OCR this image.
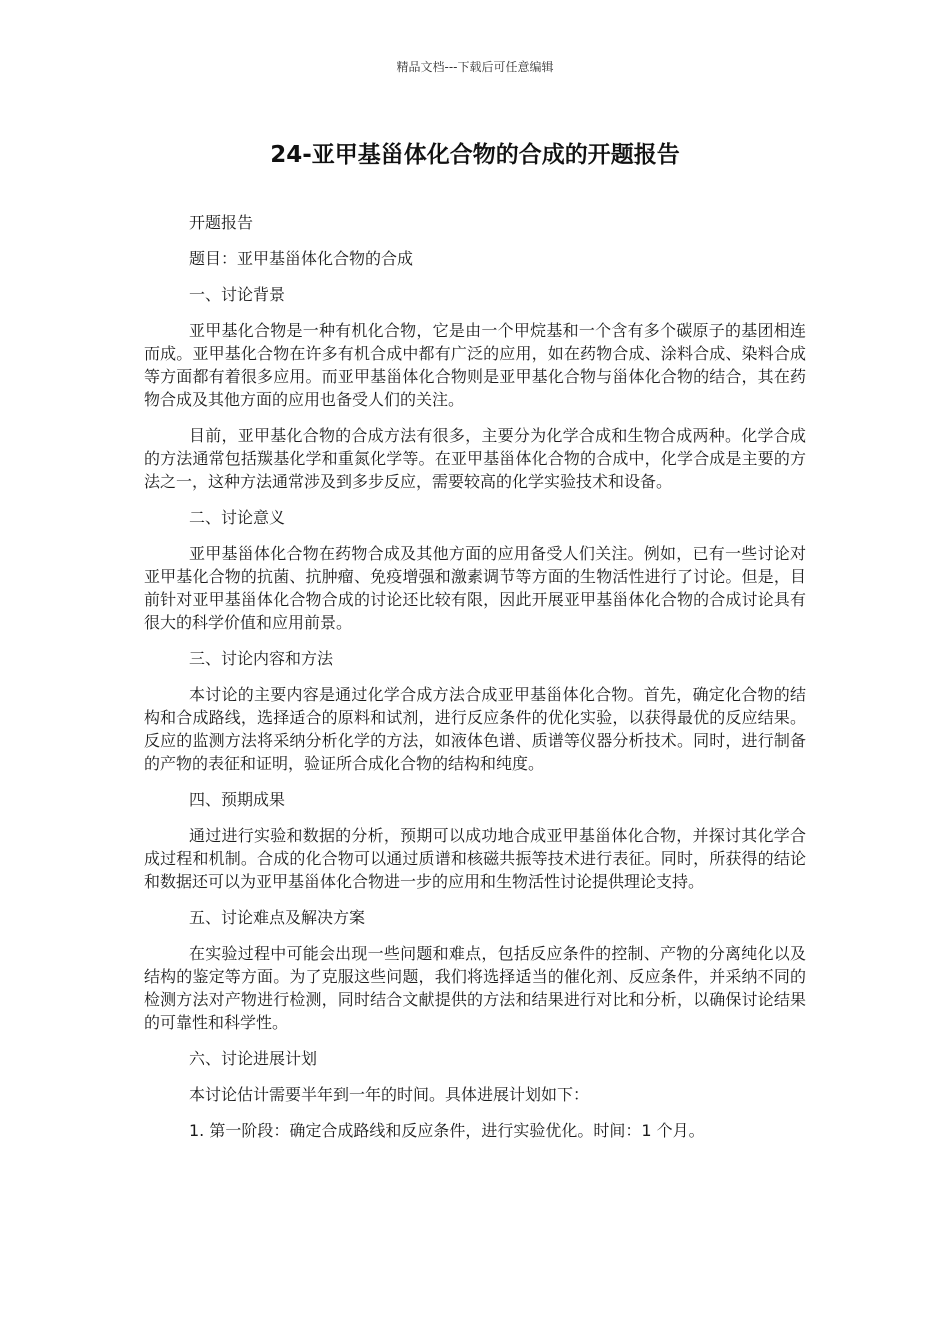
精品文档---下载后可任意编辑
24-亚甲基甾体化合物的合成的开题报告

开题报告

题目：亚甲基甾体化合物的合成

一、讨论背景

亚甲基化合物是一种有机化合物，它是由一个甲烷基和一个含有多个碳原子的基团相连而成。亚甲基化合物在许多有机合成中都有广泛的应用，如在药物合成、涂料合成、染料合成等方面都有着很多应用。而亚甲基甾体化合物则是亚甲基化合物与甾体化合物的结合，其在药物合成及其他方面的应用也备受人们的关注。

目前，亚甲基化合物的合成方法有很多，主要分为化学合成和生物合成两种。化学合成的方法通常包括羰基化学和重氮化学等。在亚甲基甾体化合物的合成中，化学合成是主要的方法之一，这种方法通常涉及到多步反应，需要较高的化学实验技术和设备。

二、讨论意义

亚甲基甾体化合物在药物合成及其他方面的应用备受人们关注。例如，已有一些讨论对亚甲基化合物的抗菌、抗肿瘤、免疫增强和激素调节等方面的生物活性进行了讨论。但是，目前针对亚甲基甾体化合物合成的讨论还比较有限，因此开展亚甲基甾体化合物的合成讨论具有很大的科学价值和应用前景。

三、讨论内容和方法

本讨论的主要内容是通过化学合成方法合成亚甲基甾体化合物。首先，确定化合物的结构和合成路线，选择适合的原料和试剂，进行反应条件的优化实验，以获得最优的反应结果。反应的监测方法将采纳分析化学的方法，如液体色谱、质谱等仪器分析技术。同时，进行制备的产物的表征和证明，验证所合成化合物的结构和纯度。

四、预期成果

通过进行实验和数据的分析，预期可以成功地合成亚甲基甾体化合物，并探讨其化学合成过程和机制。合成的化合物可以通过质谱和核磁共振等技术进行表征。同时，所获得的结论和数据还可以为亚甲基甾体化合物进一步的应用和生物活性讨论提供理论支持。

五、讨论难点及解决方案

在实验过程中可能会出现一些问题和难点，包括反应条件的控制、产物的分离纯化以及结构的鉴定等方面。为了克服这些问题，我们将选择适当的催化剂、反应条件，并采纳不同的检测方法对产物进行检测，同时结合文献提供的方法和结果进行对比和分析，以确保讨论结果的可靠性和科学性。

六、讨论进展计划

本讨论估计需要半年到一年的时间。具体进展计划如下：

1. 第一阶段：确定合成路线和反应条件，进行实验优化。时间：1 个月。
